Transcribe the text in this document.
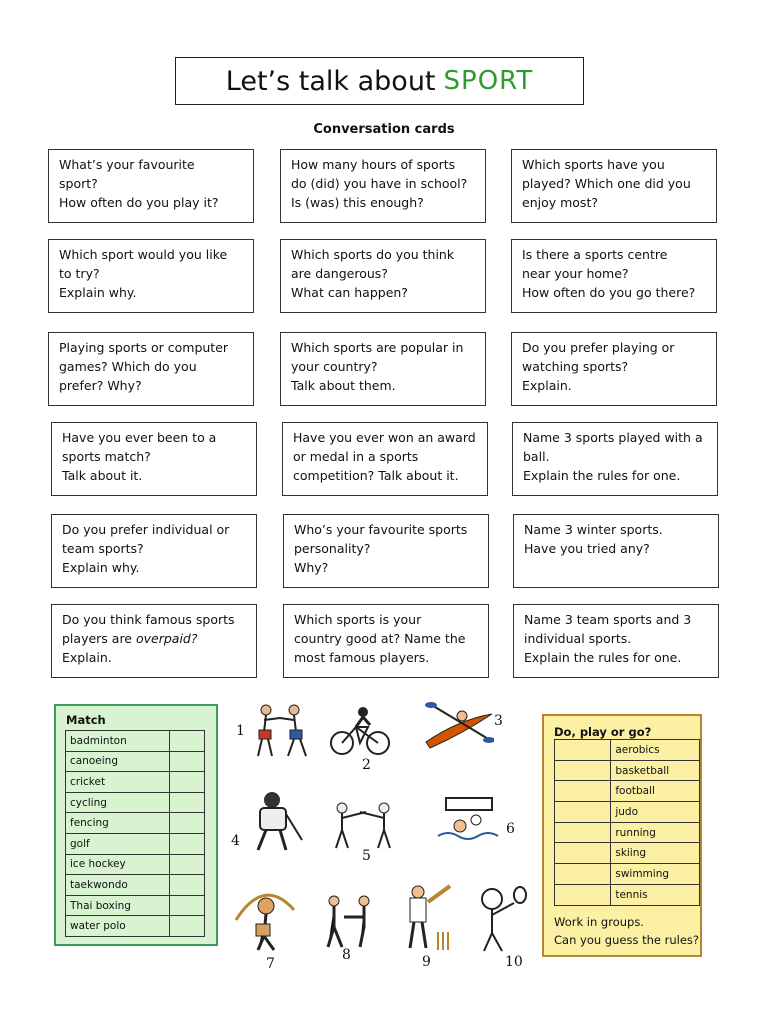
Let’s talk about SPORT
Conversation cards
What’s your favourite
sport?
How often do you play it?
How many hours of sports
do (did) you have in school?
Is (was) this enough?
Which sports have you
played? Which one did you
enjoy most?
Which sport would you like
to try?
Explain why.
Which sports do you think
are dangerous?
What can happen?
Is there a sports centre
near your home?
How often do you go there?
Playing sports or computer
games? Which do you
prefer? Why?
Which sports are popular in
your country?
Talk about them.
Do you prefer playing or
watching sports?
Explain.
Have you ever been to a
sports match?
Talk about it.
Have you ever won an award
or medal in a sports
competition? Talk about it.
Name 3 sports played with a
ball.
Explain the rules for one.
Do you prefer individual or
team sports?
Explain why.
Who’s your favourite sports
personality?
Why?
Name 3 winter sports.
Have you tried any?
Do you think famous sports
players are overpaid?
Explain.
Which sports is your
country good at? Name the
most famous players.
Name 3 team sports and 3
individual sports.
Explain the rules for one.
Match
badminton	
canoeing	
cricket	
cycling	
fencing	
golf	
ice hockey	
taekwondo	
Thai boxing	
water polo	
1
2
3
4
5
6
7
8	9	10
Do, play or go?
	aerobics
	basketball
	football
	judo
	running
	skiing
	swimming
	tennis
Work in groups.
Can you guess the rules?
